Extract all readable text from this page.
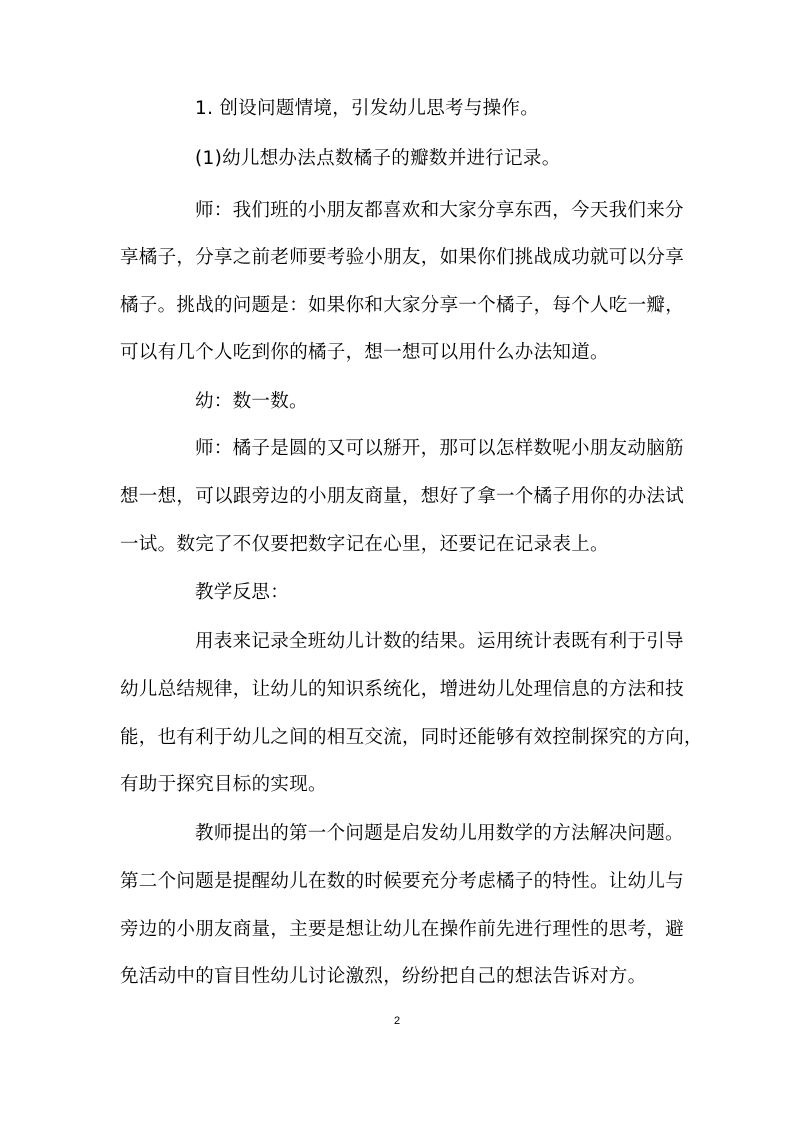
1. 创设问题情境，引发幼儿思考与操作。
(1)幼儿想办法点数橘子的瓣数并进行记录。
师：我们班的小朋友都喜欢和大家分享东西，今天我们来分
享橘子，分享之前老师要考验小朋友，如果你们挑战成功就可以分享
橘子。挑战的问题是：如果你和大家分享一个橘子，每个人吃一瓣，
可以有几个人吃到你的橘子，想一想可以用什么办法知道。
幼：数一数。
师：橘子是圆的又可以掰开，那可以怎样数呢小朋友动脑筋
想一想，可以跟旁边的小朋友商量，想好了拿一个橘子用你的办法试
一试。数完了不仅要把数字记在心里，还要记在记录表上。
教学反思：
用表来记录全班幼儿计数的结果。运用统计表既有利于引导
幼儿总结规律，让幼儿的知识系统化，增进幼儿处理信息的方法和技
能，也有利于幼儿之间的相互交流，同时还能够有效控制探究的方向，
有助于探究目标的实现。
教师提出的第一个问题是启发幼儿用数学的方法解决问题。
第二个问题是提醒幼儿在数的时候要充分考虑橘子的特性。让幼儿与
旁边的小朋友商量，主要是想让幼儿在操作前先进行理性的思考，避
免活动中的盲目性幼儿讨论激烈，纷纷把自己的想法告诉对方。
2
